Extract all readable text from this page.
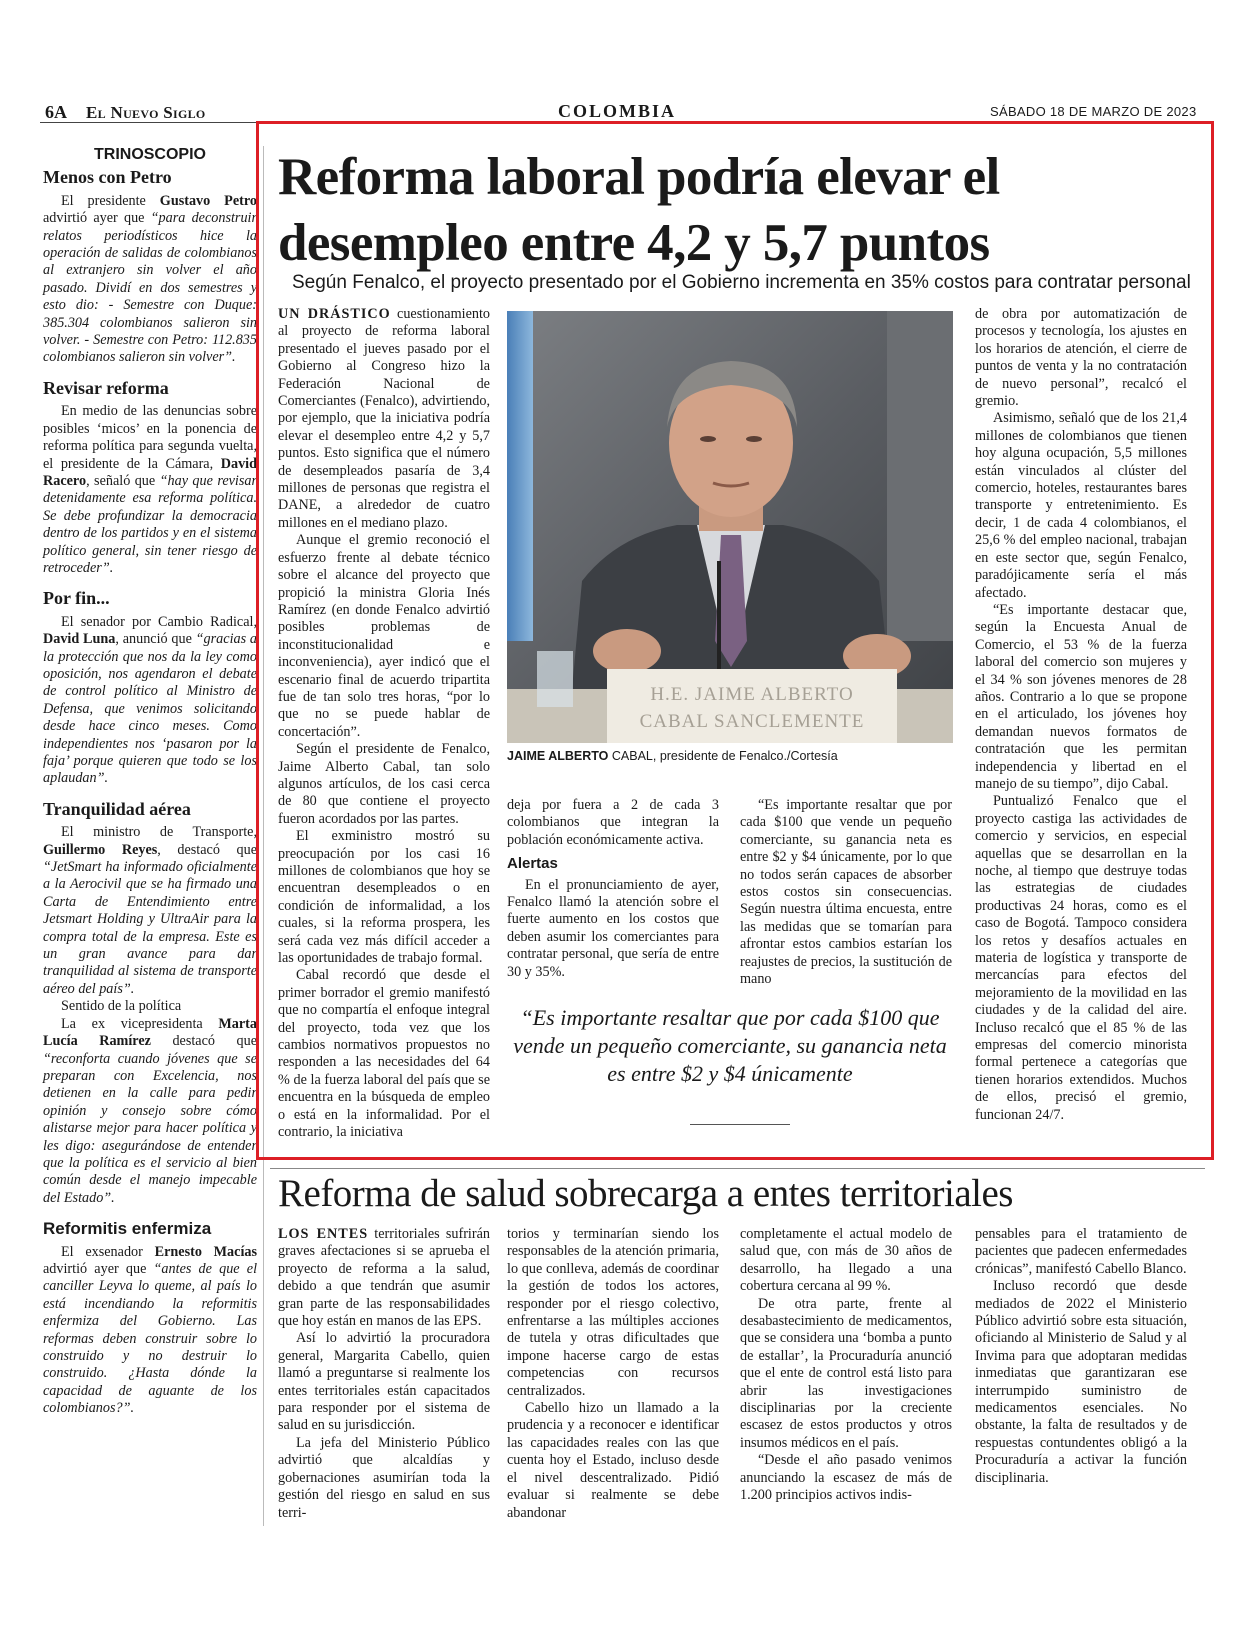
6A El Nuevo Siglo	COLOMBIA	SÁBADO 18 DE MARZO DE 2023
TRINOSCOPIO
Menos con Petro

El presidente Gustavo Petro advirtió ayer que “para deconstruir relatos periodísticos hice la operación de salidas de colombianos al extranjero sin volver el año pasado. Dividí en dos semestres y esto dio: - Semestre con Duque: 385.304 colombianos salieron sin volver. - Semestre con Petro: 112.835 colombianos salieron sin volver”.

Revisar reforma

En medio de las denuncias sobre posibles ‘micos’ en la ponencia de reforma política para segunda vuelta, el presidente de la Cámara, David Racero, señaló que “hay que revisar detenidamente esa reforma política. Se debe profundizar la democracia dentro de los partidos y en el sistema político general, sin tener riesgo de retroceder”.

Por fin...

El senador por Cambio Radical, David Luna, anunció que “gracias a la protección que nos da la ley como oposición, nos agendaron el debate de control político al Ministro de Defensa, que venimos solicitando desde hace cinco meses. Como independientes nos ‘pasaron por la faja’ porque quieren que todo se los aplaudan”.

Tranquilidad aérea

El ministro de Transporte, Guillermo Reyes, destacó que “JetSmart ha informado oficialmente a la Aerocivil que se ha firmado una Carta de Entendimiento entre Jetsmart Holding y UltraAir para la compra total de la empresa. Este es un gran avance para dar tranquilidad al sistema de transporte aéreo del país”.

Sentido de la política

La ex vicepresidenta Marta Lucía Ramírez destacó que “reconforta cuando jóvenes que se preparan con Excelencia, nos detienen en la calle para pedir opinión y consejo sobre cómo alistarse mejor para hacer política y les digo: asegurándose de entender que la política es el servicio al bien común desde el manejo impecable del Estado”.

Reformitis enfermiza

El exsenador Ernesto Macías advirtió ayer que “antes de que el canciller Leyva lo queme, al país lo está incendiando la reformitis enfermiza del Gobierno. Las reformas deben construir sobre lo construido y no destruir lo construido. ¿Hasta dónde la capacidad de aguante de los colombianos?”.

Reforma laboral podría elevar el desempleo entre 4,2 y 5,7 puntos
Según Fenalco, el proyecto presentado por el Gobierno incrementa en 35% costos para contratar personal

UN DRÁSTICO cuestionamiento al proyecto de reforma laboral presentado el jueves pasado por el Gobierno al Congreso hizo la Federación Nacional de Comerciantes (Fenalco), advirtiendo, por ejemplo, que la iniciativa podría elevar el desempleo entre 4,2 y 5,7 puntos. Esto significa que el número de desempleados pasaría de 3,4 millones de personas que registra el DANE, a alrededor de cuatro millones en el mediano plazo.

Aunque el gremio reconoció el esfuerzo frente al debate técnico sobre el alcance del proyecto que propició la ministra Gloria Inés Ramírez (en donde Fenalco advirtió posibles problemas de inconstitucionalidad e inconveniencia), ayer indicó que el escenario final de acuerdo tripartita fue de tan solo tres horas, “por lo que no se puede hablar de concertación”.

Según el presidente de Fenalco, Jaime Alberto Cabal, tan solo algunos artículos, de los casi cerca de 80 que contiene el proyecto fueron acordados por las partes.

El exministro mostró su preocupación por los casi 16 millones de colombianos que hoy se encuentran desempleados o en condición de informalidad, a los cuales, si la reforma prospera, les será cada vez más difícil acceder a las oportunidades de trabajo formal.

Cabal recordó que desde el primer borrador el gremio manifestó que no compartía el enfoque integral del proyecto, toda vez que los cambios normativos propuestos no responden a las necesidades del 64 % de la fuerza laboral del país que se encuentra en la búsqueda de empleo o está en la informalidad. Por el contrario, la iniciativa

H.E. JAIME ALBERTO
CABAL SANCLEMENTE
JAIME ALBERTO CABAL, presidente de Fenalco./Cortesía

deja por fuera a 2 de cada 3 colombianos que integran la población económicamente activa.

Alertas

En el pronunciamiento de ayer, Fenalco llamó la atención sobre el fuerte aumento en los costos que deben asumir los comerciantes para contratar personal, que sería de entre 30 y 35%.

“Es importante resaltar que por cada $100 que vende un pequeño comerciante, su ganancia neta es entre $2 y $4 únicamente, por lo que no todos serán capaces de absorber estos costos sin consecuencias. Según nuestra última encuesta, entre las medidas que se tomarían para afrontar estos cambios estarían los reajustes de precios, la sustitución de mano

“Es importante resaltar que por cada $100 que vende un pequeño comerciante, su ganancia neta es entre $2 y $4 únicamente

de obra por automatización de procesos y tecnología, los ajustes en los horarios de atención, el cierre de puntos de venta y la no contratación de nuevo personal”, recalcó el gremio.

Asimismo, señaló que de los 21,4 millones de colombianos que tienen hoy alguna ocupación, 5,5 millones están vinculados al clúster del comercio, hoteles, restaurantes bares transporte y entretenimiento. Es decir, 1 de cada 4 colombianos, el 25,6 % del empleo nacional, trabajan en este sector que, según Fenalco, paradójicamente sería el más afectado.

“Es importante destacar que, según la Encuesta Anual de Comercio, el 53 % de la fuerza laboral del comercio son mujeres y el 34 % son jóvenes menores de 28 años. Contrario a lo que se propone en el articulado, los jóvenes hoy demandan nuevos formatos de contratación que les permitan independencia y libertad en el manejo de su tiempo”, dijo Cabal.

Puntualizó Fenalco que el proyecto castiga las actividades de comercio y servicios, en especial aquellas que se desarrollan en la noche, al tiempo que destruye todas las estrategias de ciudades productivas 24 horas, como es el caso de Bogotá. Tampoco considera los retos y desafíos actuales en materia de logística y transporte de mercancías para efectos del mejoramiento de la movilidad en las ciudades y de la calidad del aire. Incluso recalcó que el 85 % de las empresas del comercio minorista formal pertenece a categorías que tienen horarios extendidos. Muchos de ellos, precisó el gremio, funcionan 24/7.

Reforma de salud sobrecarga a entes territoriales

LOS ENTES territoriales sufrirán graves afectaciones si se aprueba el proyecto de reforma a la salud, debido a que tendrán que asumir gran parte de las responsabilidades que hoy están en manos de las EPS.

Así lo advirtió la procuradora general, Margarita Cabello, quien llamó a preguntarse si realmente los entes territoriales están capacitados para responder por el sistema de salud en su jurisdicción.

La jefa del Ministerio Público advirtió que alcaldías y gobernaciones asumirían toda la gestión del riesgo en salud en sus terri-

torios y terminarían siendo los responsables de la atención primaria, lo que conlleva, además de coordinar la gestión de todos los actores, responder por el riesgo colectivo, enfrentarse a las múltiples acciones de tutela y otras dificultades que impone hacerse cargo de estas competencias con recursos centralizados.

Cabello hizo un llamado a la prudencia y a reconocer e identificar las capacidades reales con las que cuenta hoy el Estado, incluso desde el nivel descentralizado. Pidió evaluar si realmente se debe abandonar

completamente el actual modelo de salud que, con más de 30 años de desarrollo, ha llegado a una cobertura cercana al 99 %.

De otra parte, frente al desabastecimiento de medicamentos, que se considera una ‘bomba a punto de estallar’, la Procuraduría anunció que el ente de control está listo para abrir las investigaciones disciplinarias por la creciente escasez de estos productos y otros insumos médicos en el país.

“Desde el año pasado venimos anunciando la escasez de más de 1.200 principios activos indis-

pensables para el tratamiento de pacientes que padecen enfermedades crónicas”, manifestó Cabello Blanco.

Incluso recordó que desde mediados de 2022 el Ministerio Público advirtió sobre esta situación, oficiando al Ministerio de Salud y al Invima para que adoptaran medidas inmediatas que garantizaran ese interrumpido suministro de medicamentos esenciales. No obstante, la falta de resultados y de respuestas contundentes obligó a la Procuraduría a activar la función disciplinaria.
